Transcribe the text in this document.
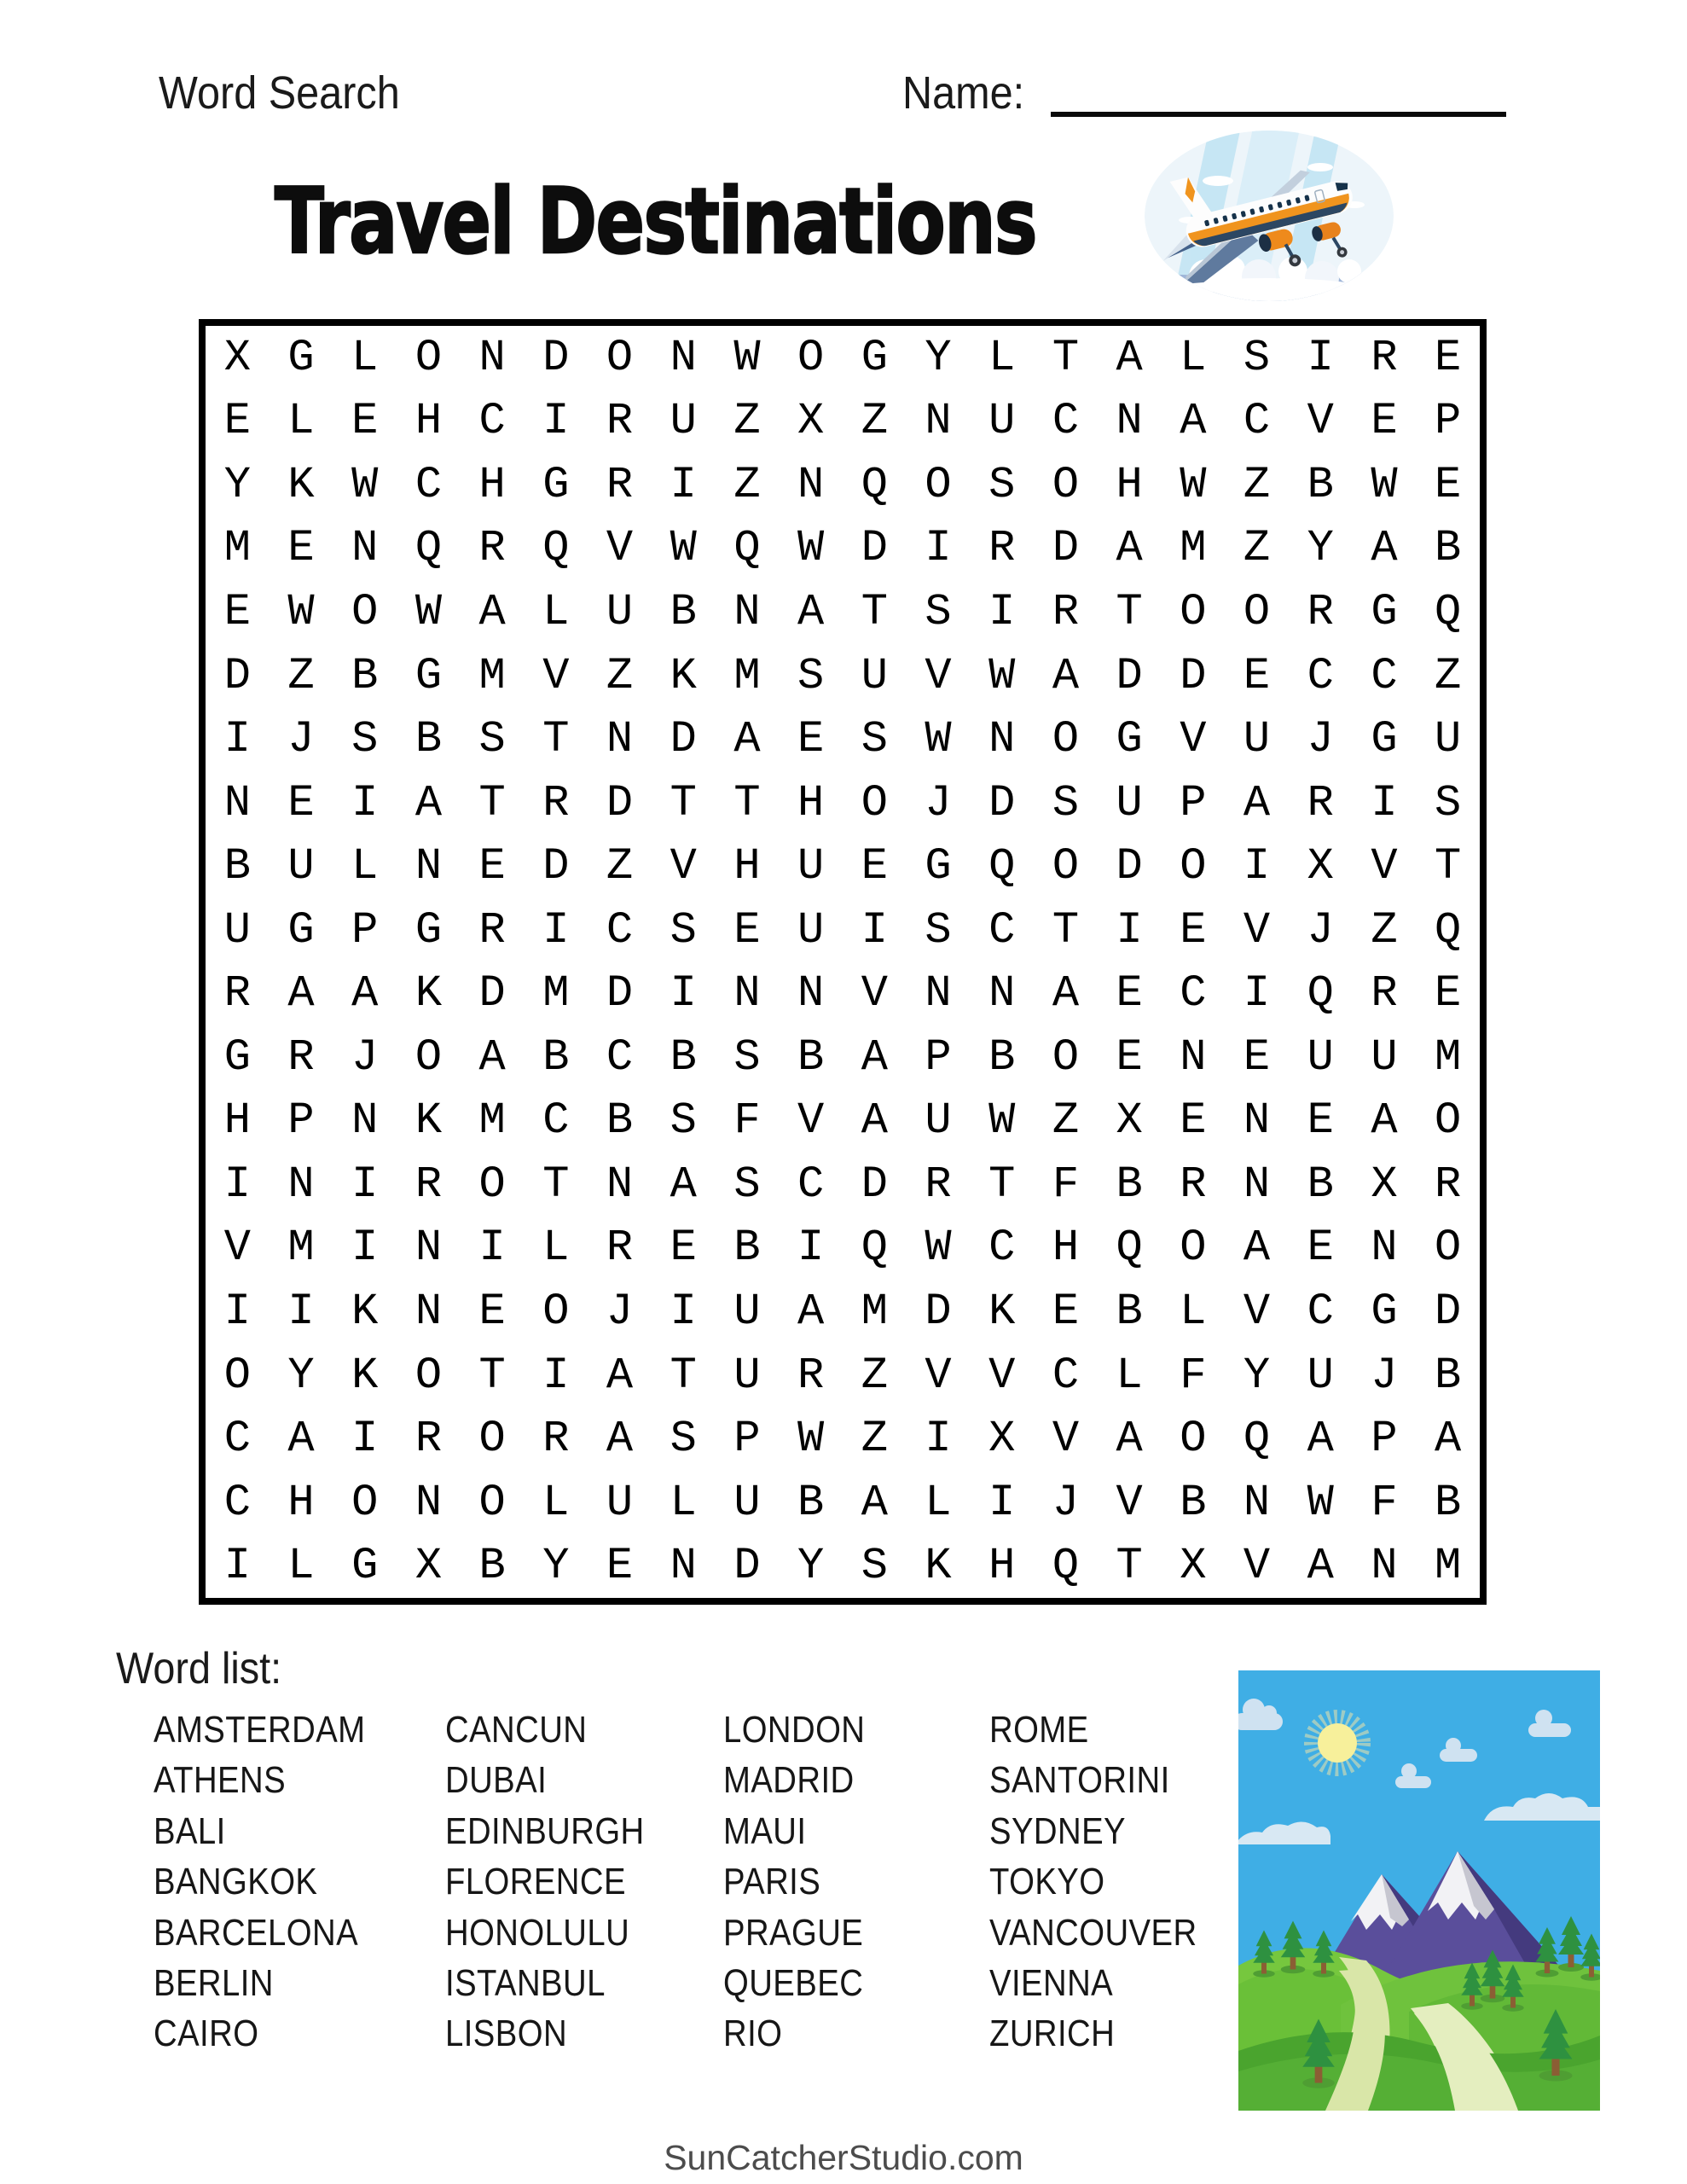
Word Search	Name:
Travel Destinations
X G L O N D O N W O G Y L T A L S I R E
E L E H C I R U Z X Z N U C N A C V E P
Y K W C H G R I Z N Q O S O H W Z B W E
M E N Q R Q V W Q W D I R D A M Z Y A B
E W O W A L U B N A T S I R T O O R G Q
D Z B G M V Z K M S U V W A D D E C C Z
I J S B S T N D A E S W N O G V U J G U
N E I A T R D T T H O J D S U P A R I S
B U L N E D Z V H U E G Q O D O I X V T
U G P G R I C S E U I S C T I E V J Z Q
R A A K D M D I N N V N N A E C I Q R E
G R J O A B C B S B A P B O E N E U U M
H P N K M C B S F V A U W Z X E N E A O
I N I R O T N A S C D R T F B R N B X R
V M I N I L R E B I Q W C H Q O A E N O
I I K N E O J I U A M D K E B L V C G D
O Y K O T I A T U R Z V V C L F Y U J B
C A I R O R A S P W Z I X V A O Q A P A
C H O N O L U L U B A L I J V B N W F B
I L G X B Y E N D Y S K H Q T X V A N M
Word list:
AMSTERDAM
ATHENS
BALI
BANGKOK
BARCELONA
BERLIN
CAIRO
CANCUN
DUBAI
EDINBURGH
FLORENCE
HONOLULU
ISTANBUL
LISBON
LONDON
MADRID
MAUI
PARIS
PRAGUE
QUEBEC
RIO
ROME
SANTORINI
SYDNEY
TOKYO
VANCOUVER
VIENNA
ZURICH
SunCatcherStudio.com
